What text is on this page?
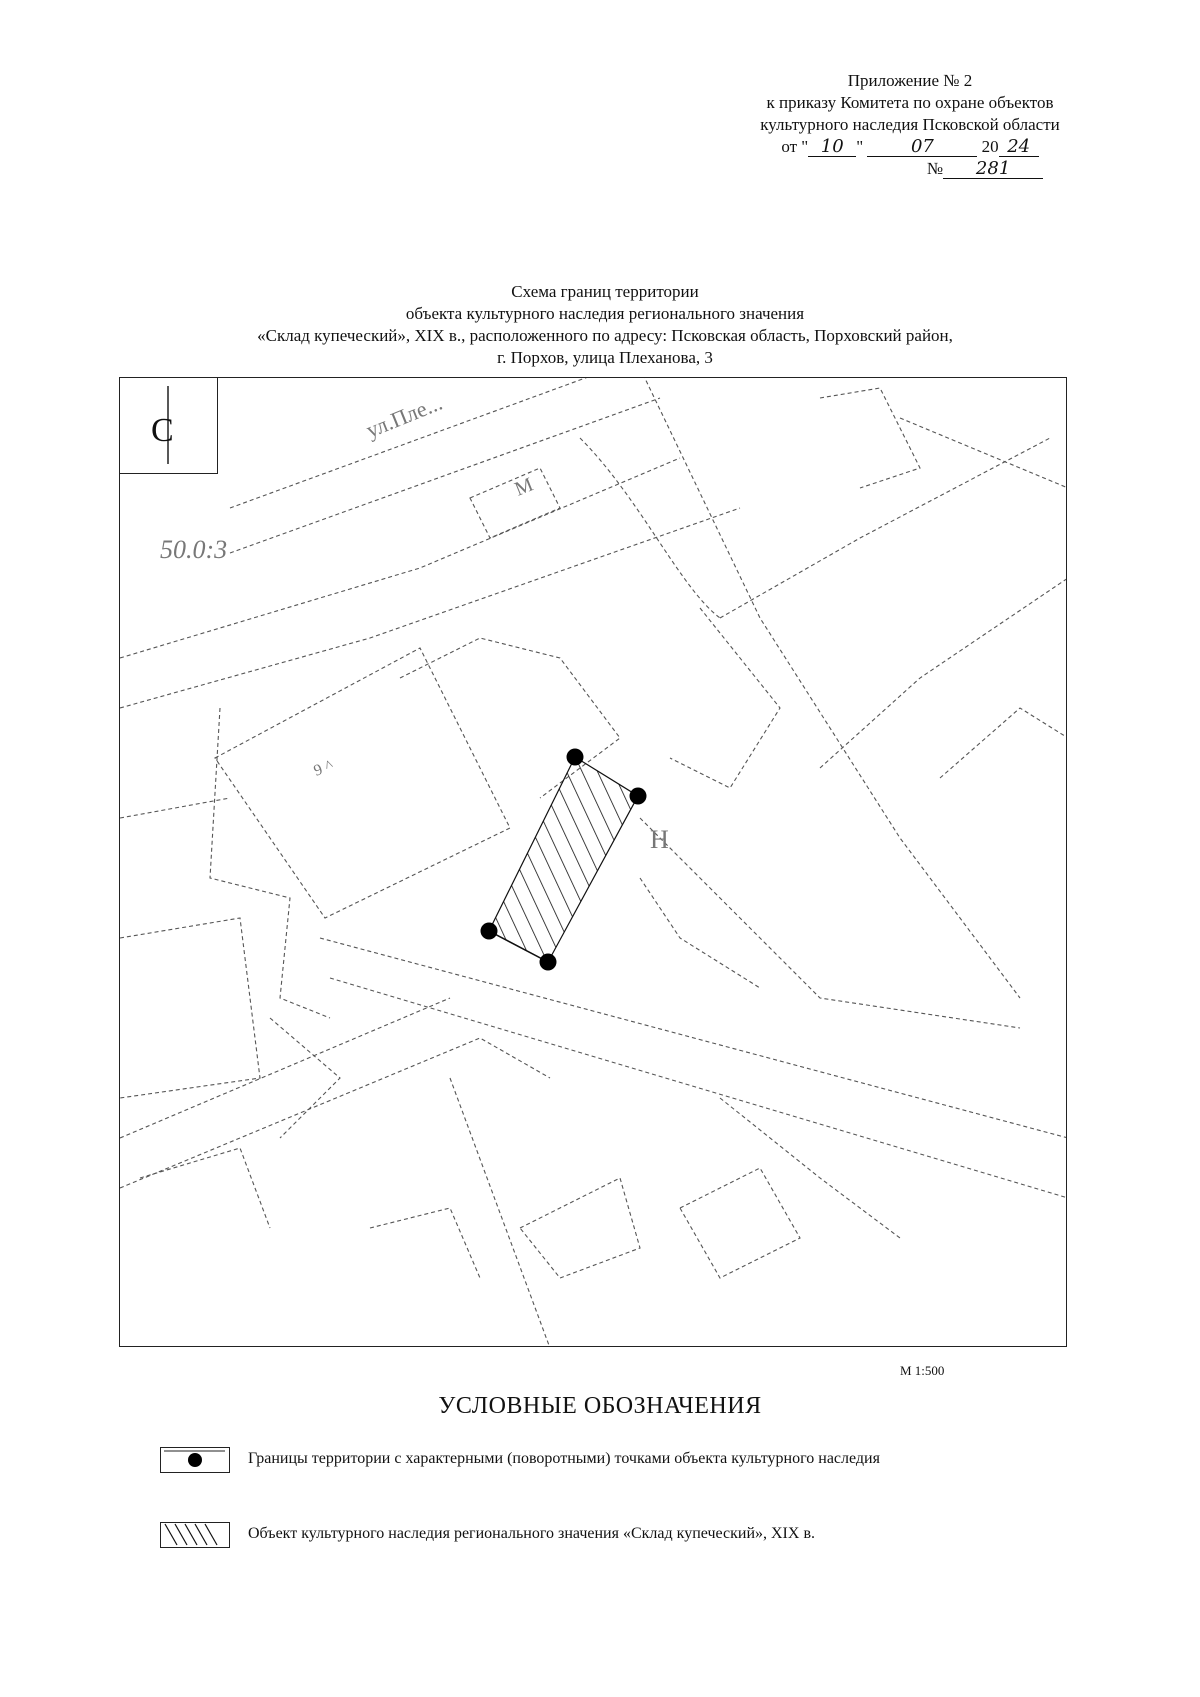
Приложение № 2
к приказу Комитета по охране объектов
культурного наследия Псковской области
от " 10 "	07	20 24
№ 281
Схема границ территории
объекта культурного наследия регионального значения
«Склад купеческий», XIX в., расположенного по адресу: Псковская область, Порховский район,
г. Порхов, улица Плеханова, 3
50.0:3
ул.Пле...
9 ^
М
Н
С
М 1:500
УСЛОВНЫЕ ОБОЗНАЧЕНИЯ
Границы территории с характерными (поворотными) точками объекта культурного наследия
Объект культурного наследия регионального значения «Склад купеческий», XIX в.
